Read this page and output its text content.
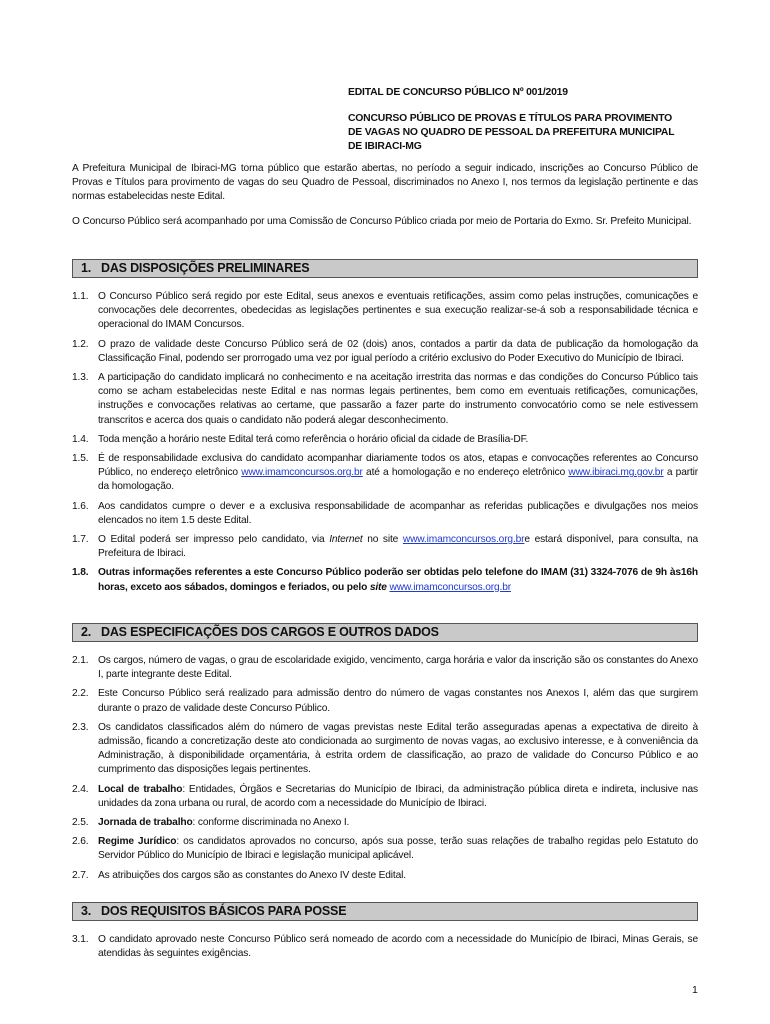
EDITAL DE CONCURSO PÚBLICO Nº 001/2019
CONCURSO PÚBLICO DE PROVAS E TÍTULOS PARA PROVIMENTO
DE VAGAS NO QUADRO DE PESSOAL DA PREFEITURA MUNICIPAL
DE IBIRACI-MG

A Prefeitura Municipal de Ibiraci-MG torna público que estarão abertas, no período a seguir indicado, inscrições ao Concurso Público de Provas e Títulos para provimento de vagas do seu Quadro de Pessoal, discriminados no Anexo I, nos termos da legislação pertinente e das normas estabelecidas neste Edital.

O Concurso Público será acompanhado por uma Comissão de Concurso Público criada por meio de Portaria do Exmo. Sr. Prefeito Municipal.

1. DAS DISPOSIÇÕES PRELIMINARES
1.1. O Concurso Público será regido por este Edital, seus anexos e eventuais retificações, assim como pelas instruções, comunicações e convocações dele decorrentes, obedecidas as legislações pertinentes e sua execução realizar-se-á sob a responsabilidade técnica e operacional do IMAM Concursos.
1.2. O prazo de validade deste Concurso Público será de 02 (dois) anos, contados a partir da data de publicação da homologação da Classificação Final, podendo ser prorrogado uma vez por igual período a critério exclusivo do Poder Executivo do Município de Ibiraci.
1.3. A participação do candidato implicará no conhecimento e na aceitação irrestrita das normas e das condições do Concurso Público tais como se acham estabelecidas neste Edital e nas normas legais pertinentes, bem como em eventuais retificações, comunicações, instruções e convocações relativas ao certame, que passarão a fazer parte do instrumento convocatório como se nele estivessem transcritos e acerca dos quais o candidato não poderá alegar desconhecimento.
1.4. Toda menção a horário neste Edital terá como referência o horário oficial da cidade de Brasília-DF.
1.5. É de responsabilidade exclusiva do candidato acompanhar diariamente todos os atos, etapas e convocações referentes ao Concurso Público, no endereço eletrônico www.imamconcursos.org.br até a homologação e no endereço eletrônico www.ibiraci.mg.gov.br a partir da homologação.
1.6. Aos candidatos cumpre o dever e a exclusiva responsabilidade de acompanhar as referidas publicações e divulgações nos meios elencados no item 1.5 deste Edital.
1.7. O Edital poderá ser impresso pelo candidato, via Internet no site www.imamconcursos.org.bre estará disponível, para consulta, na Prefeitura de Ibiraci.
1.8. Outras informações referentes a este Concurso Público poderão ser obtidas pelo telefone do IMAM (31) 3324-7076 de 9h às16h horas, exceto aos sábados, domingos e feriados, ou pelo site www.imamconcursos.org.br
2. DAS ESPECIFICAÇÕES DOS CARGOS E OUTROS DADOS
2.1. Os cargos, número de vagas, o grau de escolaridade exigido, vencimento, carga horária e valor da inscrição são os constantes do Anexo I, parte integrante deste Edital.
2.2. Este Concurso Público será realizado para admissão dentro do número de vagas constantes nos Anexos I, além das que surgirem durante o prazo de validade deste Concurso Público.
2.3. Os candidatos classificados além do número de vagas previstas neste Edital terão asseguradas apenas a expectativa de direito à admissão, ficando a concretização deste ato condicionada ao surgimento de novas vagas, ao exclusivo interesse, e à conveniência da Administração, à disponibilidade orçamentária, à estrita ordem de classificação, ao prazo de validade do Concurso Público e ao cumprimento das disposições legais pertinentes.
2.4. Local de trabalho: Entidades, Órgãos e Secretarias do Município de Ibiraci, da administração pública direta e indireta, inclusive nas unidades da zona urbana ou rural, de acordo com a necessidade do Município de Ibiraci.
2.5. Jornada de trabalho: conforme discriminada no Anexo I.
2.6. Regime Jurídico: os candidatos aprovados no concurso, após sua posse, terão suas relações de trabalho regidas pelo Estatuto do Servidor Público do Município de Ibiraci e legislação municipal aplicável.
2.7. As atribuições dos cargos são as constantes do Anexo IV deste Edital.
3. DOS REQUISITOS BÁSICOS PARA POSSE
3.1. O candidato aprovado neste Concurso Público será nomeado de acordo com a necessidade do Município de Ibiraci, Minas Gerais, se atendidas às seguintes exigências.
1
